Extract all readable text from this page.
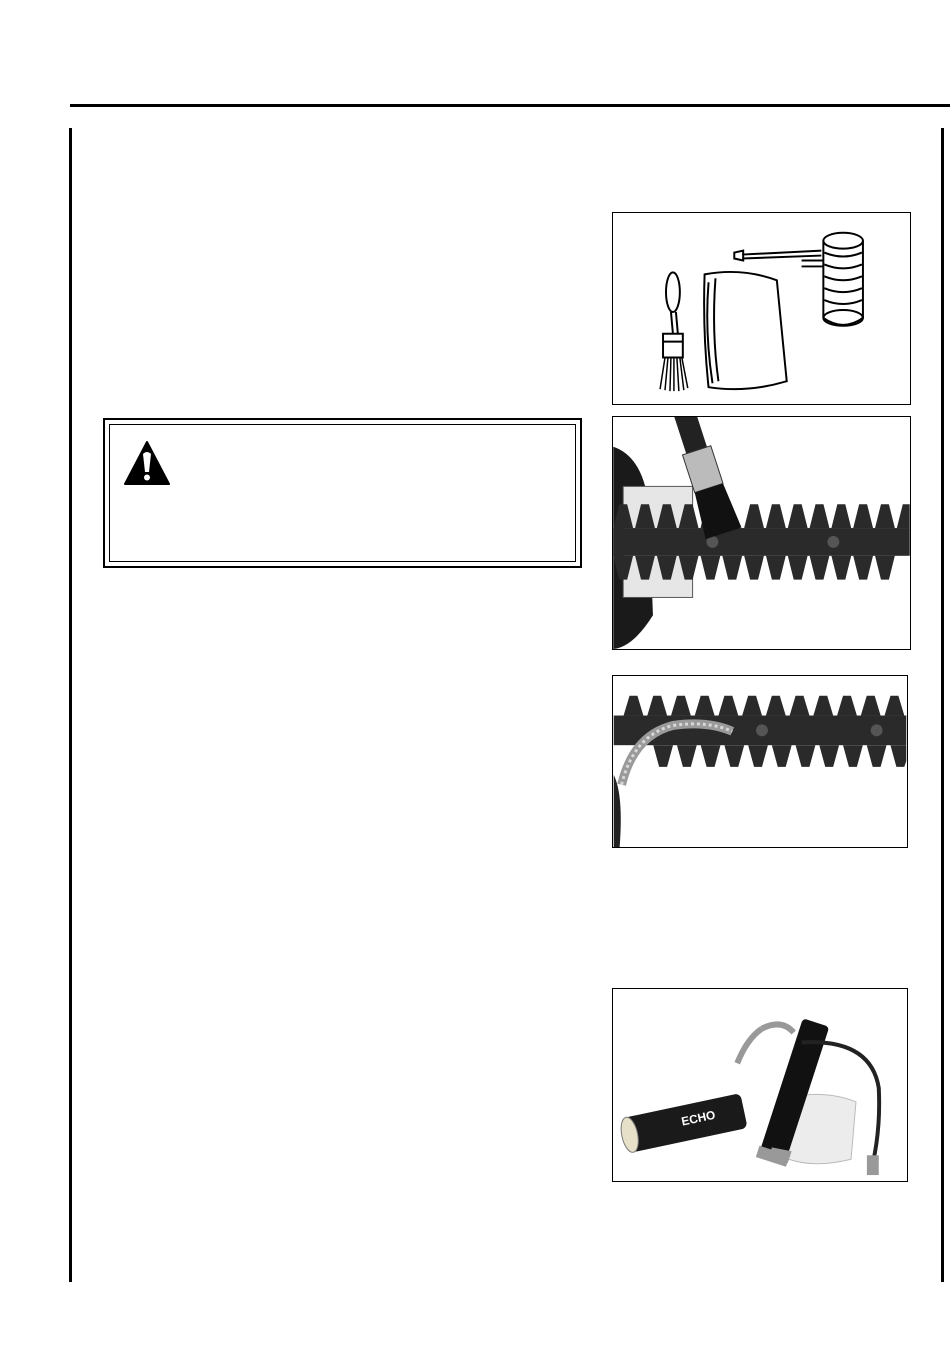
ECHO
